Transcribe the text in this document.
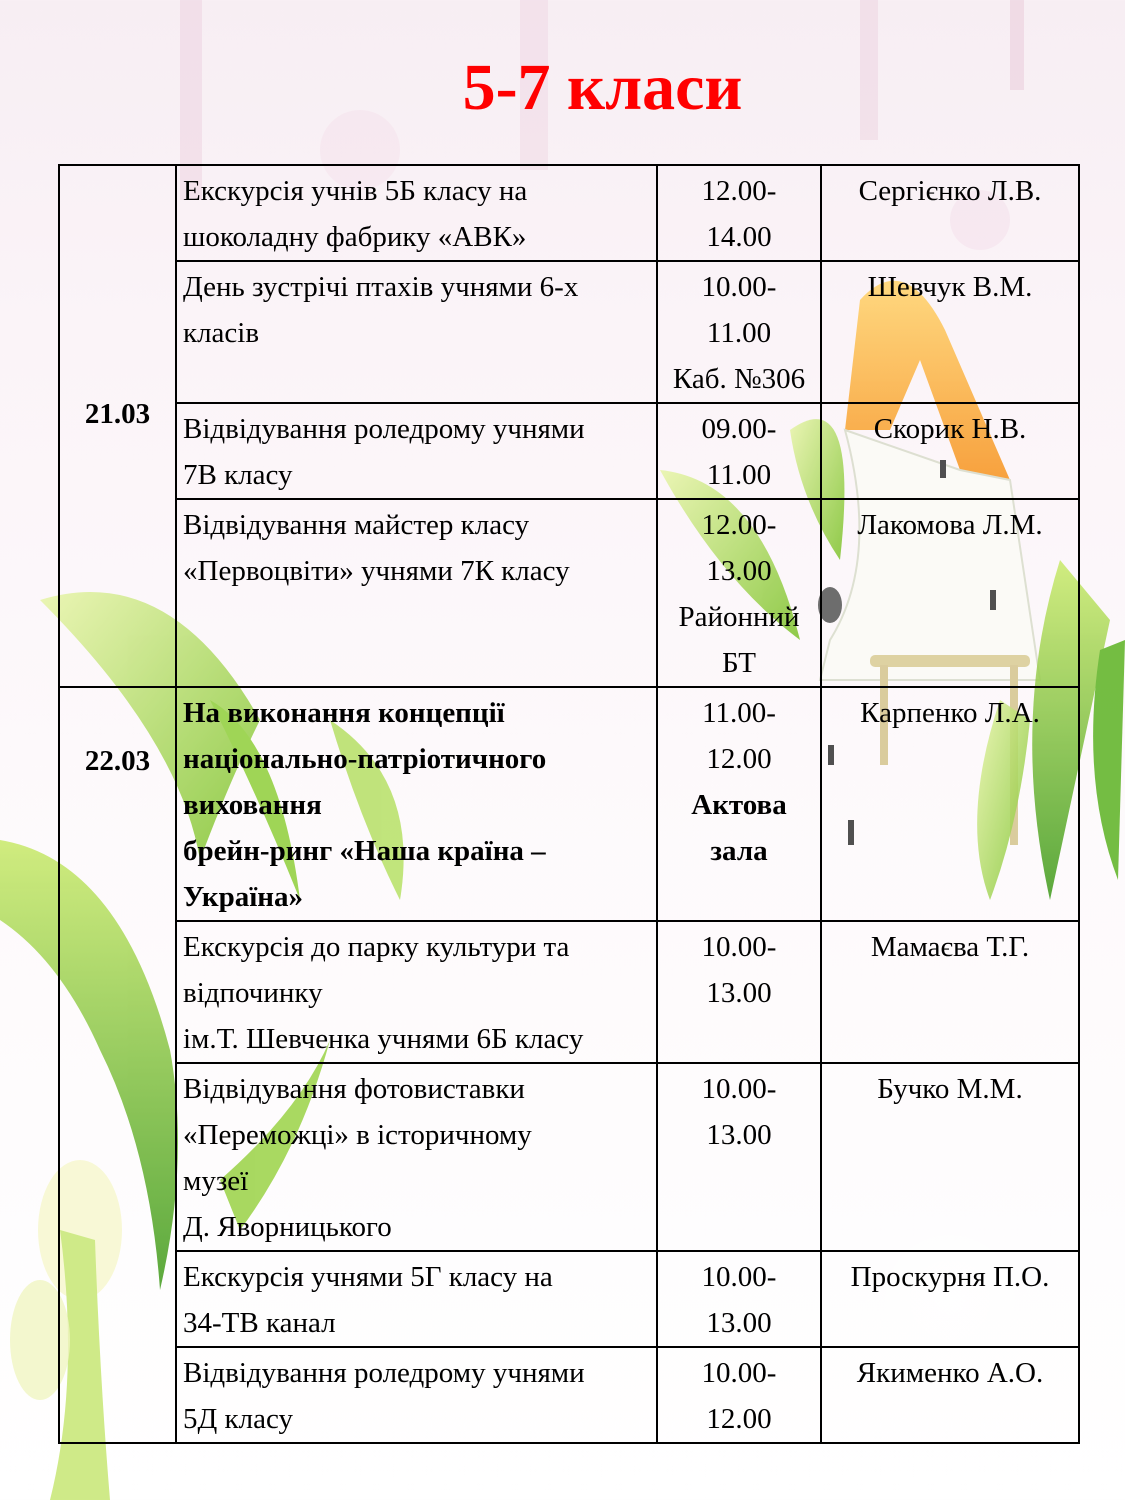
5-7 класи
21.03	Екскурсія учнів 5Б класу на
шоколадну фабрику «АВК»	12.00-
14.00	Сергієнко Л.В.

	День зустрічі птахів учнями 6-х
класів	10.00-
11.00
Каб. №306	Шевчук В.М.

	Відвідування роледрому учнями
7В класу	09.00-
11.00	Скорик Н.В.

	Відвідування майстер класу
«Первоцвіти» учнями 7К класу	12.00-
13.00
Районний БТ	Лакомова Л.М.
22.03	На виконання концепції
національно-патріотичного
виховання
брейн-ринг «Наша країна –
Україна»	11.00-
12.00
Актова зала	Карпенко Л.А.

	Екскурсія до парку культури та
відпочинку
ім.Т. Шевченка учнями 6Б класу	10.00-
13.00	Мамаєва Т.Г.

	Відвідування фотовиставки
«Переможці» в історичному
музеї
Д. Яворницького	10.00-
13.00	Бучко М.М.

	Екскурсія учнями 5Г класу на
34-ТВ канал	10.00-
13.00	Проскурня П.О.

	Відвідування роледрому учнями
5Д класу	10.00-
12.00	Якименко А.О.
